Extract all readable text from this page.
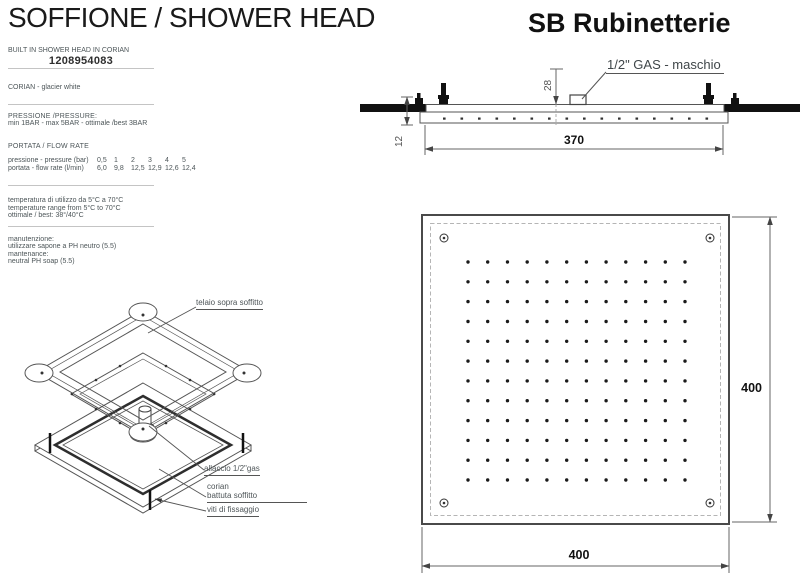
SOFFIONE / SHOWER HEAD	SB Rubinetterie
BUILT IN SHOWER HEAD IN CORIAN
1208954083
CORIAN - glacier white
PRESSIONE /PRESSURE:
min 1BAR - max 5BAR - ottimale /best 3BAR
PORTATA / FLOW RATE
pressione - pressure (bar) 0,5 1 2 3 4 5
portata - flow rate (l/min) 6,0 9,8 12,5 12,9 12,6 12,4
temperatura di utilizzo da 5°C a 70°C
temperature range from 5°C to 70°C
ottimale / best: 38°/40°C
manutenzione:
utilizzare sapone a PH neutro (5.5)
mantenance:
neutral PH soap (5.5)
1/2" GAS - maschio
28
12	370
400
400
telaio sopra soffitto
allaccio 1/2"gas
corian
battuta soffitto
viti di fissaggio
